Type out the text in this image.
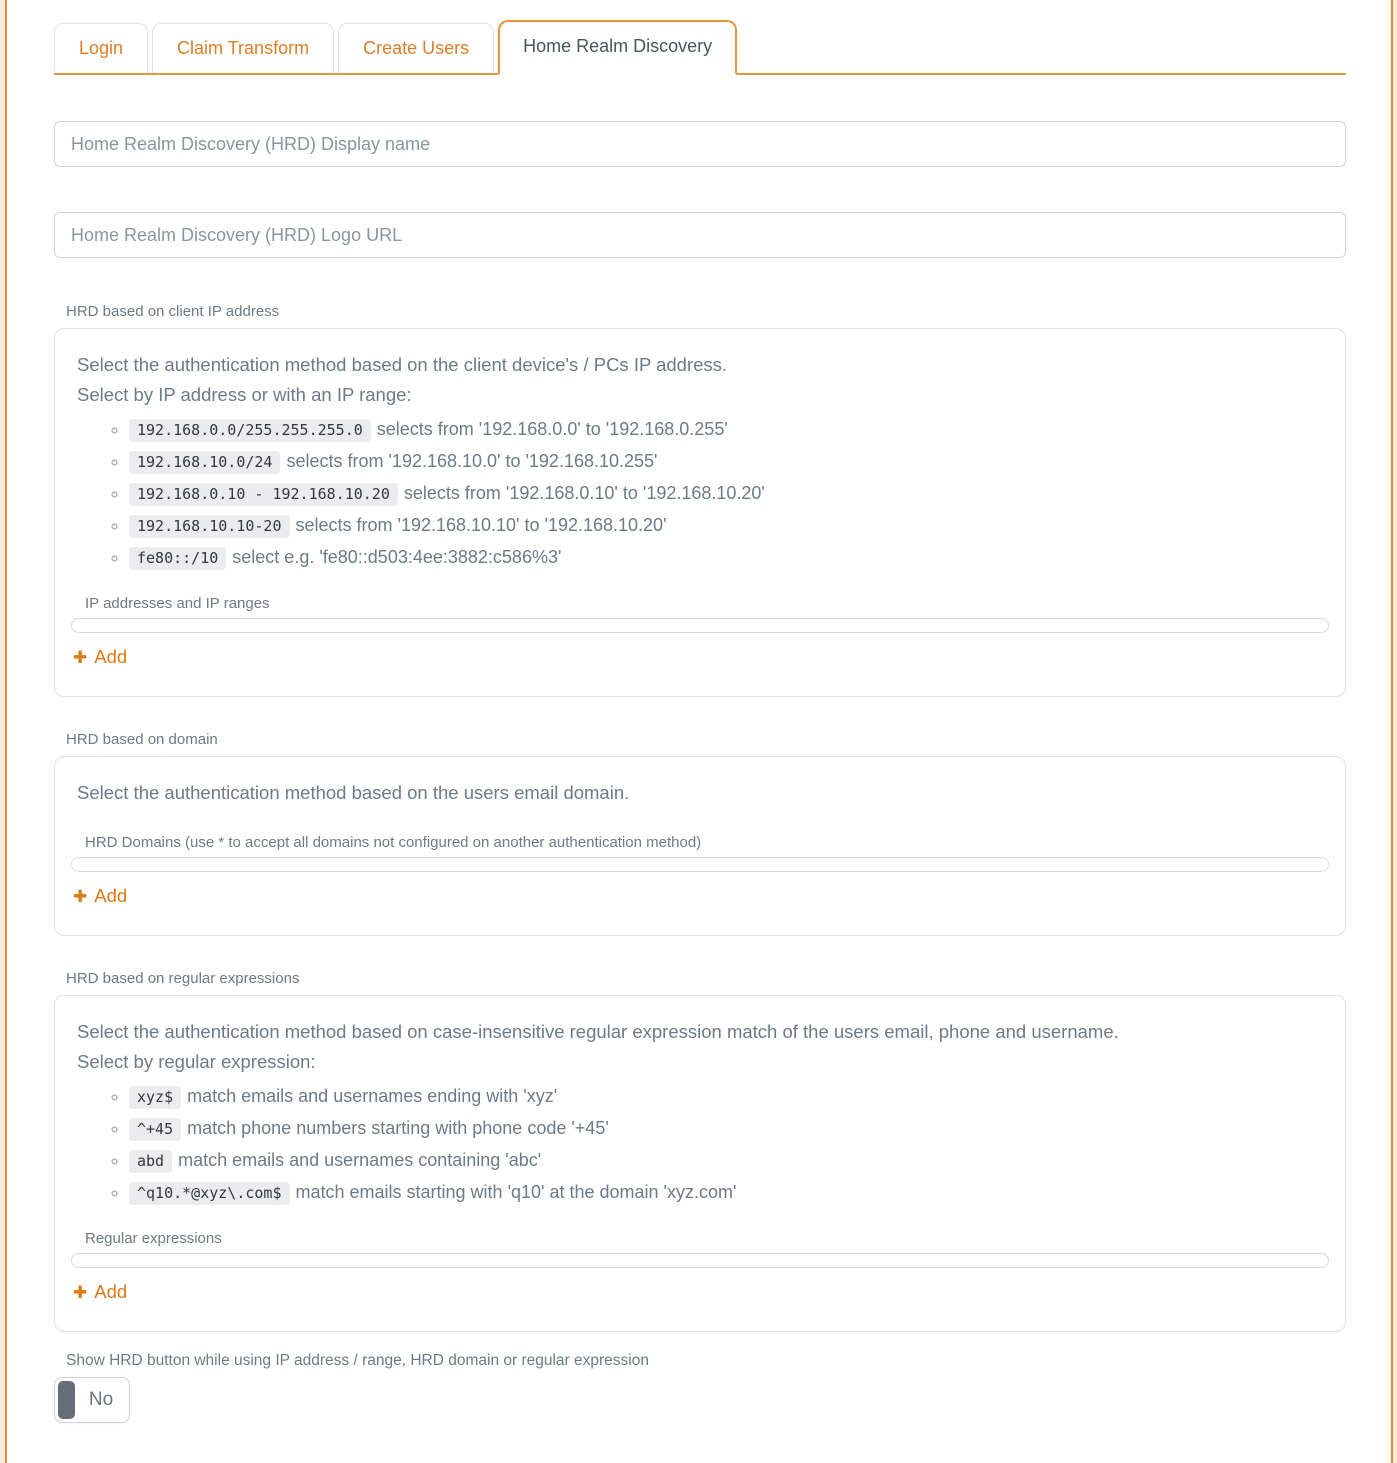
Login	Claim Transform	Create Users	Home Realm Discovery
Home Realm Discovery (HRD) Display name
Home Realm Discovery (HRD) Logo URL
HRD based on client IP address

Select the authentication method based on the client device's / PCs IP address.

Select by IP address or with an IP range:

◦ 192.168.0.0/255.255.255.0 selects from '192.168.0.0' to '192.168.0.255'
◦ 192.168.10.0/24 selects from '192.168.10.0' to '192.168.10.255'
◦ 192.168.0.10 - 192.168.10.20 selects from '192.168.0.10' to '192.168.10.20'
◦ 192.168.10.10-20 selects from '192.168.10.10' to '192.168.10.20'
◦ fe80::/10 select e.g. 'fe80::d503:4ee:3882:c586%3'
IP addresses and IP ranges
✚ Add
HRD based on domain

Select the authentication method based on the users email domain.

HRD Domains (use * to accept all domains not configured on another authentication method)
✚ Add
HRD based on regular expressions

Select the authentication method based on case-insensitive regular expression match of the users email, phone and username.

Select by regular expression:

◦ xyz$ match emails and usernames ending with 'xyz'
◦ ^+45 match phone numbers starting with phone code '+45'
◦ abd match emails and usernames containing 'abc'
◦ ^q10.*@xyz\.com$ match emails starting with 'q10' at the domain 'xyz.com'
Regular expressions
✚ Add
Show HRD button while using IP address / range, HRD domain or regular expression
No
